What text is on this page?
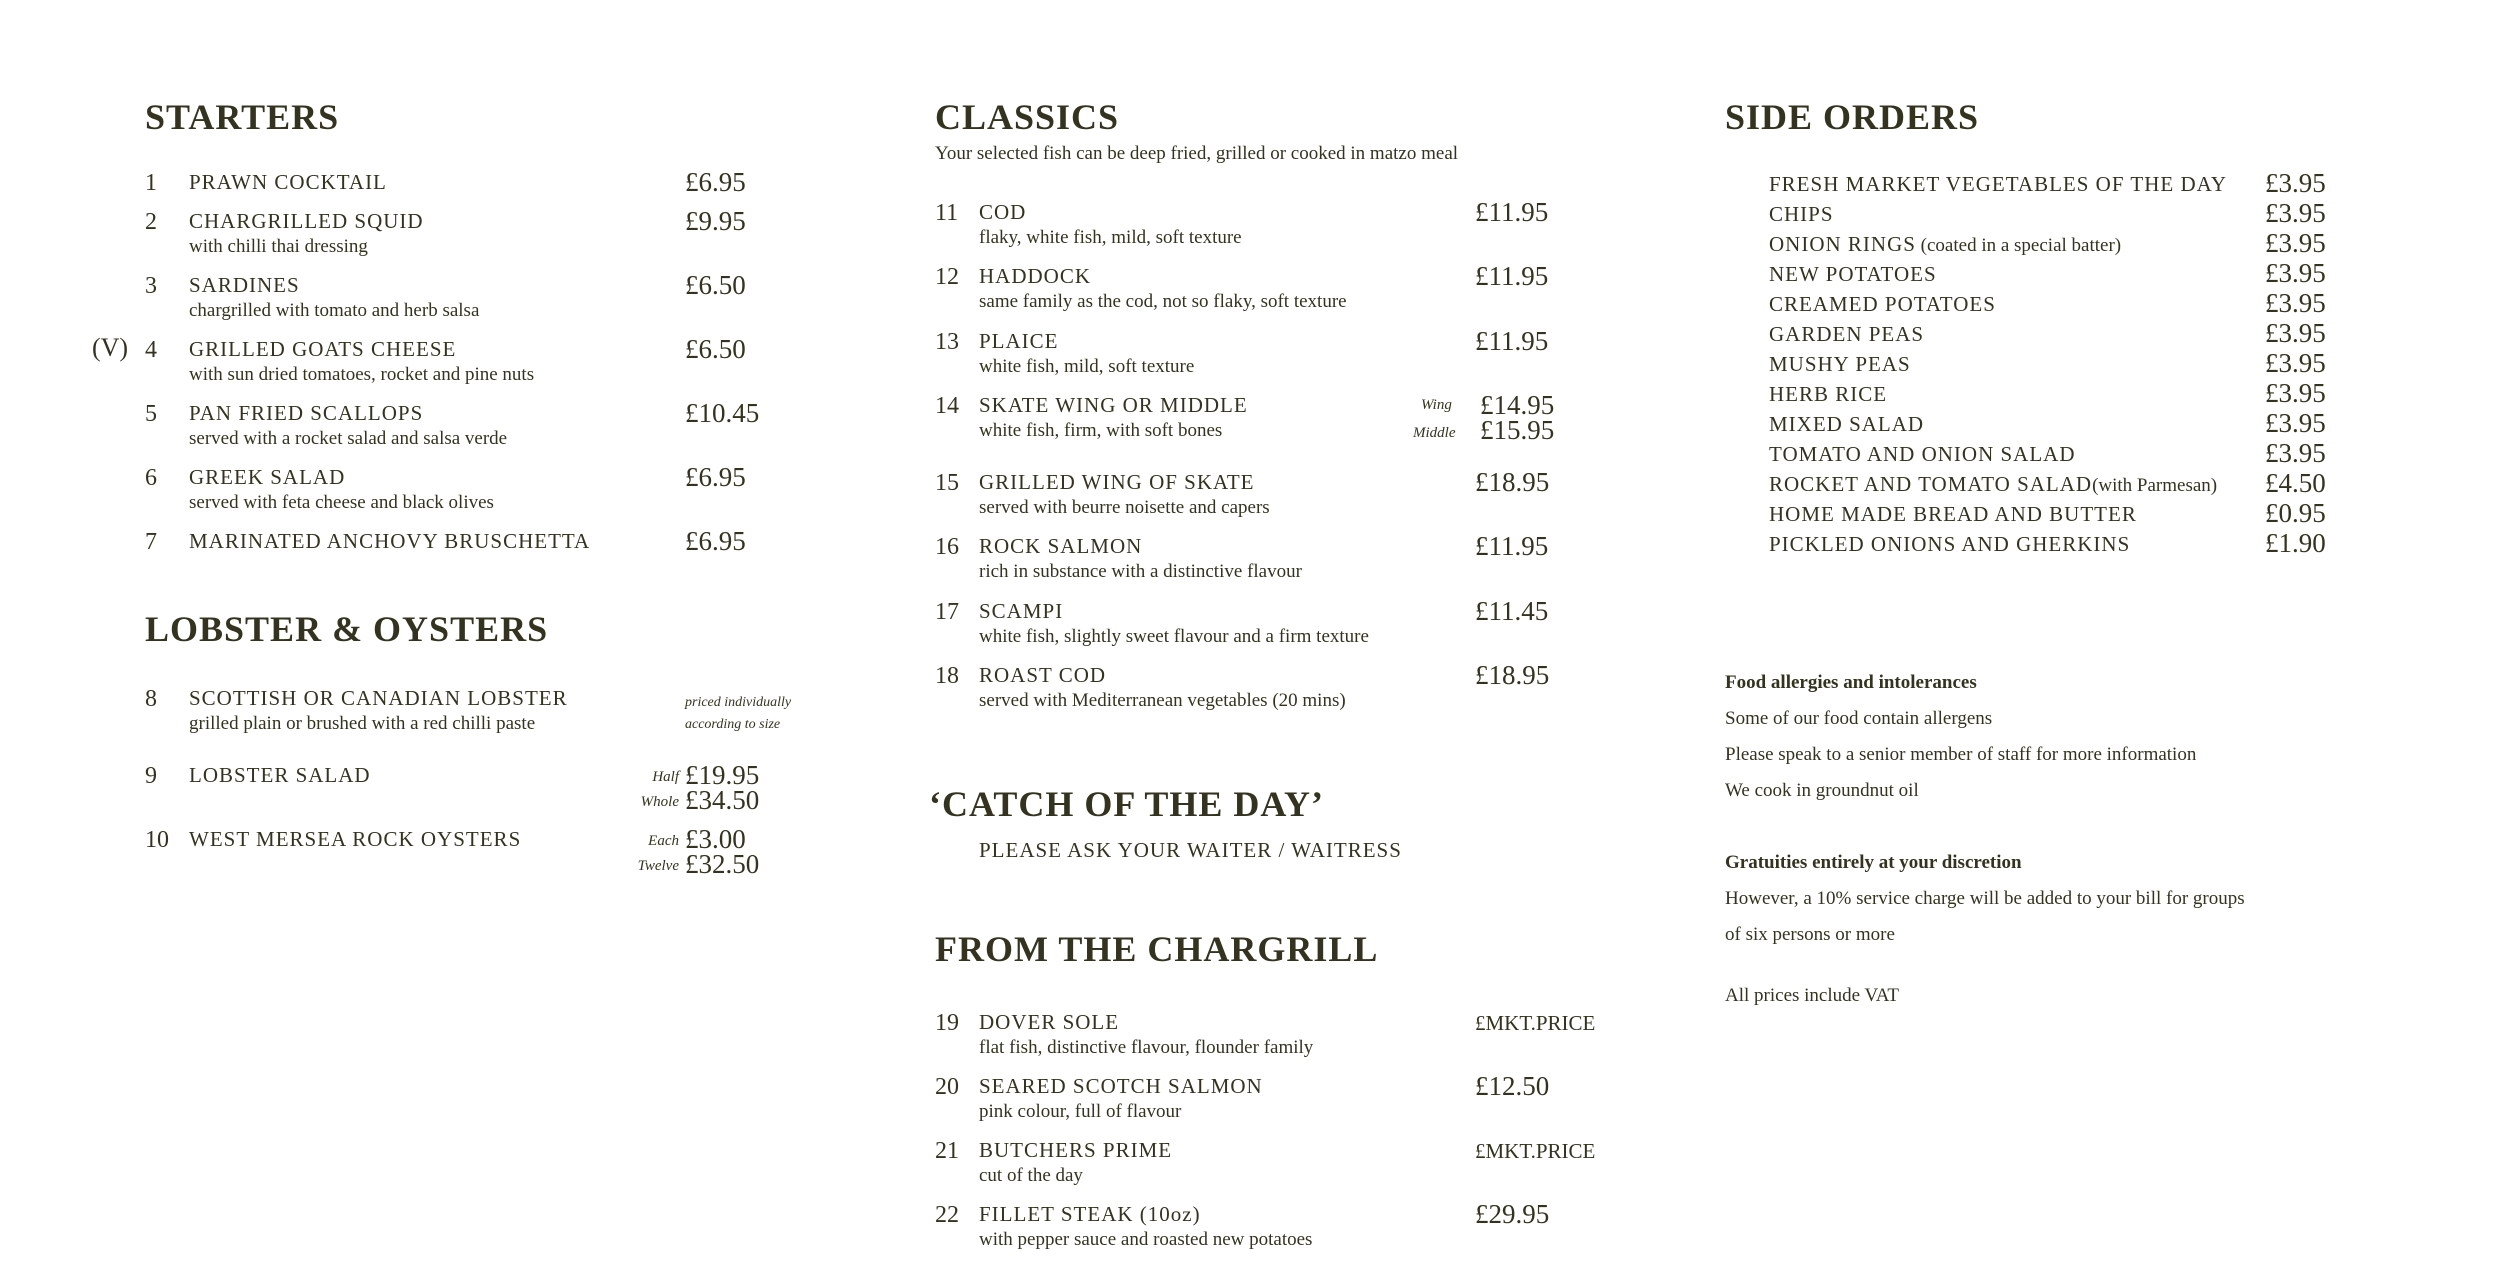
STARTERS
1 PRAWN COCKTAIL	£6.95
2 CHARGRILLED SQUID
with chilli thai dressing
£9.95
3 SARDINES
chargrilled with tomato and herb salsa
£6.50
(V) 4 GRILLED GOATS CHEESE
with sun dried tomatoes, rocket and pine nuts
£6.50
5 PAN FRIED SCALLOPS
served with a rocket salad and salsa verde
£10.45
6 GREEK SALAD
served with feta cheese and black olives
£6.95
7 MARINATED ANCHOVY BRUSCHETTA	£6.95
LOBSTER & OYSTERS
8 SCOTTISH OR CANADIAN LOBSTER
grilled plain or brushed with a red chilli paste
priced individually
according to size
9 LOBSTER SALAD	Half £19.95
Whole £34.50
10 WEST MERSEA ROCK OYSTERS	Each £3.00
Twelve £32.50
CLASSICS
Your selected fish can be deep fried, grilled or cooked in matzo meal
11 COD
flaky, white fish, mild, soft texture
£11.95
12 HADDOCK
same family as the cod, not so flaky, soft texture
£11.95
13 PLAICE
white fish, mild, soft texture
£11.95
14 SKATE WING OR MIDDLE
white fish, firm, with soft bones
Wing £14.95
Middle £15.95
15 GRILLED WING OF SKATE
served with beurre noisette and capers
£18.95
16 ROCK SALMON
rich in substance with a distinctive flavour
£11.95
17 SCAMPI
white fish, slightly sweet flavour and a firm texture
£11.45
18 ROAST COD
served with Mediterranean vegetables (20 mins)
£18.95
‘CATCH OF THE DAY’
PLEASE ASK YOUR WAITER / WAITRESS
FROM THE CHARGRILL
19 DOVER SOLE
flat fish, distinctive flavour, flounder family
£MKT.PRICE
20 SEARED SCOTCH SALMON
pink colour, full of flavour
£12.50
21 BUTCHERS PRIME
cut of the day
£MKT.PRICE
22 FILLET STEAK (10oz)
with pepper sauce and roasted new potatoes
£29.95
SIDE ORDERS
FRESH MARKET VEGETABLES OF THE DAY £3.95
CHIPS	£3.95
ONION RINGS (coated in a special batter)	£3.95
NEW POTATOES	£3.95
CREAMED POTATOES	£3.95
GARDEN PEAS	£3.95
MUSHY PEAS	£3.95
HERB RICE	£3.95
MIXED SALAD	£3.95
TOMATO AND ONION SALAD	£3.95
ROCKET AND TOMATO SALAD(with Parmesan) £4.50
HOME MADE BREAD AND BUTTER	£0.95
PICKLED ONIONS AND GHERKINS	£1.90
Food allergies and intolerances
Some of our food contain allergens
Please speak to a senior member of staff for more information
We cook in groundnut oil
Gratuities entirely at your discretion
However, a 10% service charge will be added to your bill for groups
of six persons or more
All prices include VAT
